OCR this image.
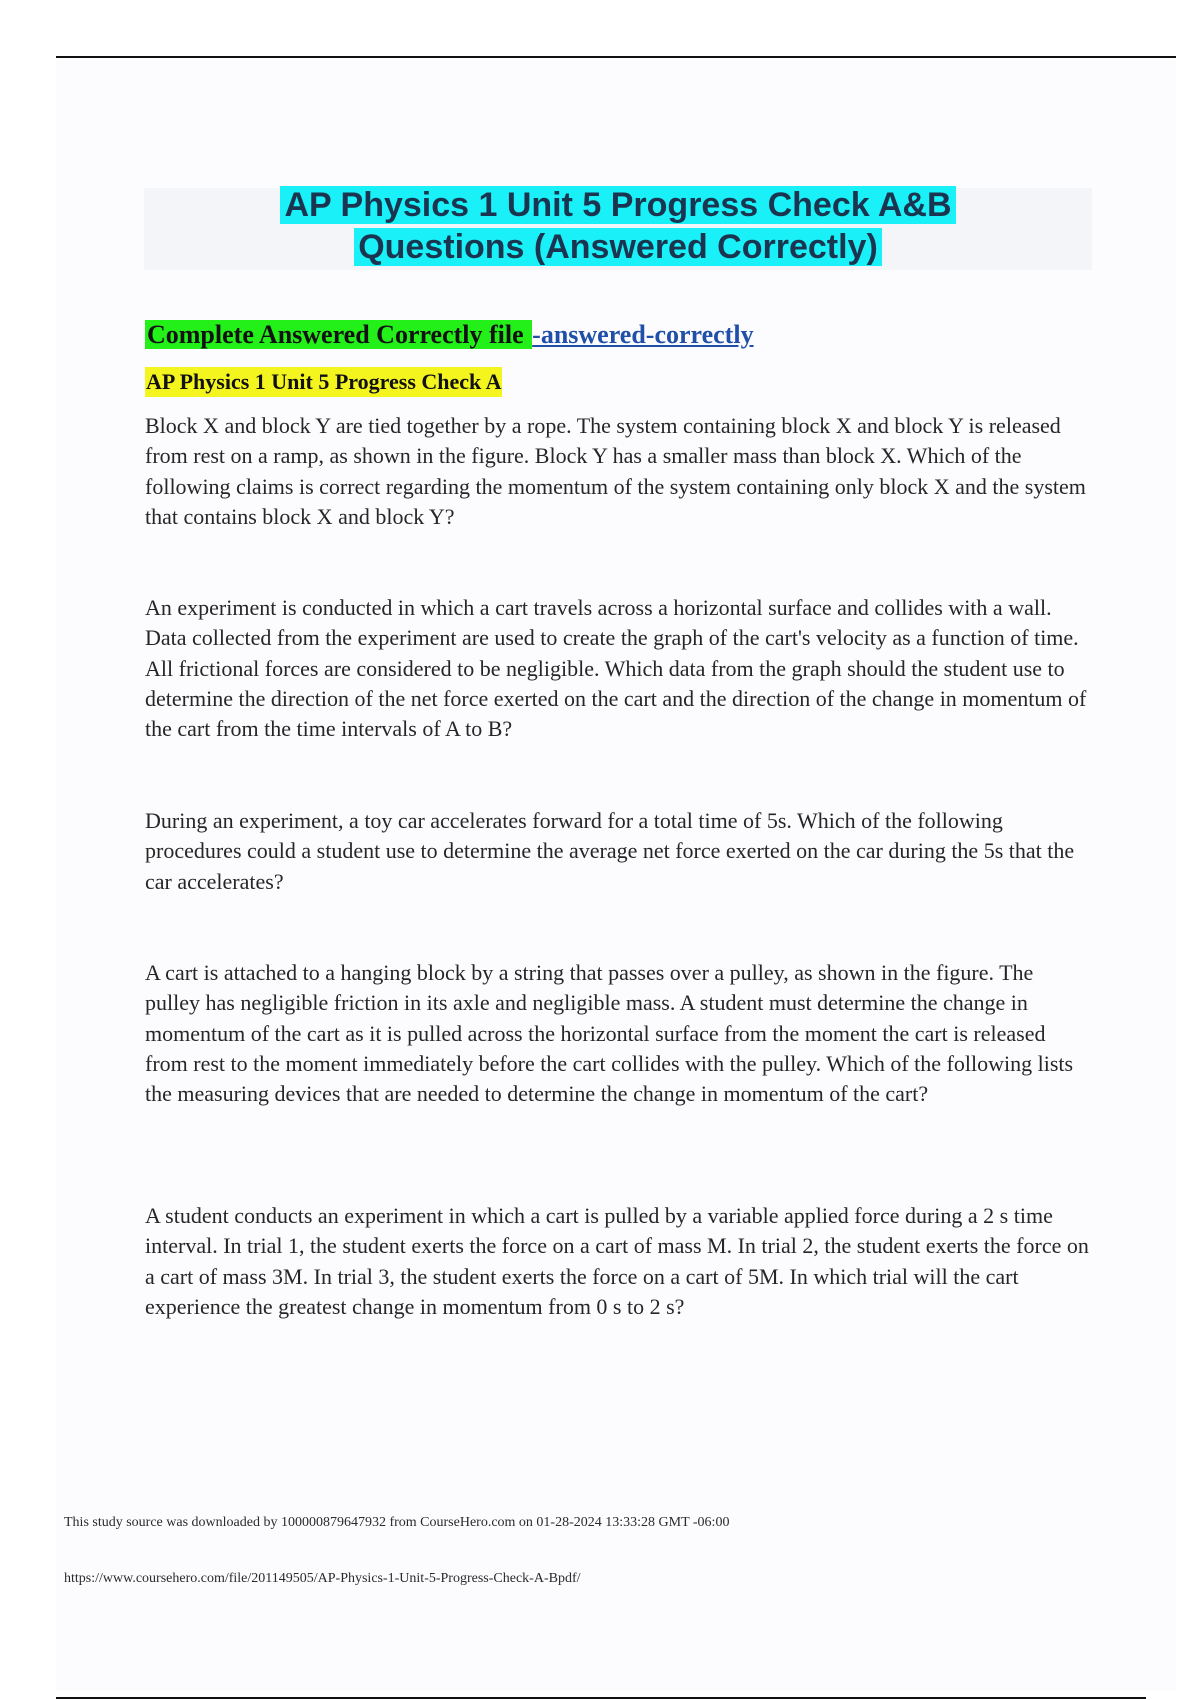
AP Physics 1 Unit 5 Progress Check A&B
Questions (Answered Correctly)
Complete Answered Correctly file -answered-correctly
AP Physics 1 Unit 5 Progress Check A

Block X and block Y are tied together by a rope. The system containing block X and block Y is released from rest on a ramp, as shown in the figure. Block Y has a smaller mass than block X. Which of the following claims is correct regarding the momentum of the system containing only block X and the system that contains block X and block Y?

An experiment is conducted in which a cart travels across a horizontal surface and collides with a wall. Data collected from the experiment are used to create the graph of the cart's velocity as a function of time. All frictional forces are considered to be negligible. Which data from the graph should the student use to determine the direction of the net force exerted on the cart and the direction of the change in momentum of the cart from the time intervals of A to B?

During an experiment, a toy car accelerates forward for a total time of 5s. Which of the following procedures could a student use to determine the average net force exerted on the car during the 5s that the car accelerates?

A cart is attached to a hanging block by a string that passes over a pulley, as shown in the figure. The pulley has negligible friction in its axle and negligible mass. A student must determine the change in momentum of the cart as it is pulled across the horizontal surface from the moment the cart is released from rest to the moment immediately before the cart collides with the pulley. Which of the following lists the measuring devices that are needed to determine the change in momentum of the cart?

A student conducts an experiment in which a cart is pulled by a variable applied force during a 2 s time interval. In trial 1, the student exerts the force on a cart of mass M. In trial 2, the student exerts the force on a cart of mass 3M. In trial 3, the student exerts the force on a cart of 5M. In which trial will the cart experience the greatest change in momentum from 0 s to 2 s?

This study source was downloaded by 100000879647932 from CourseHero.com on 01-28-2024 13:33:28 GMT -06:00

https://www.coursehero.com/file/201149505/AP-Physics-1-Unit-5-Progress-Check-A-Bpdf/
